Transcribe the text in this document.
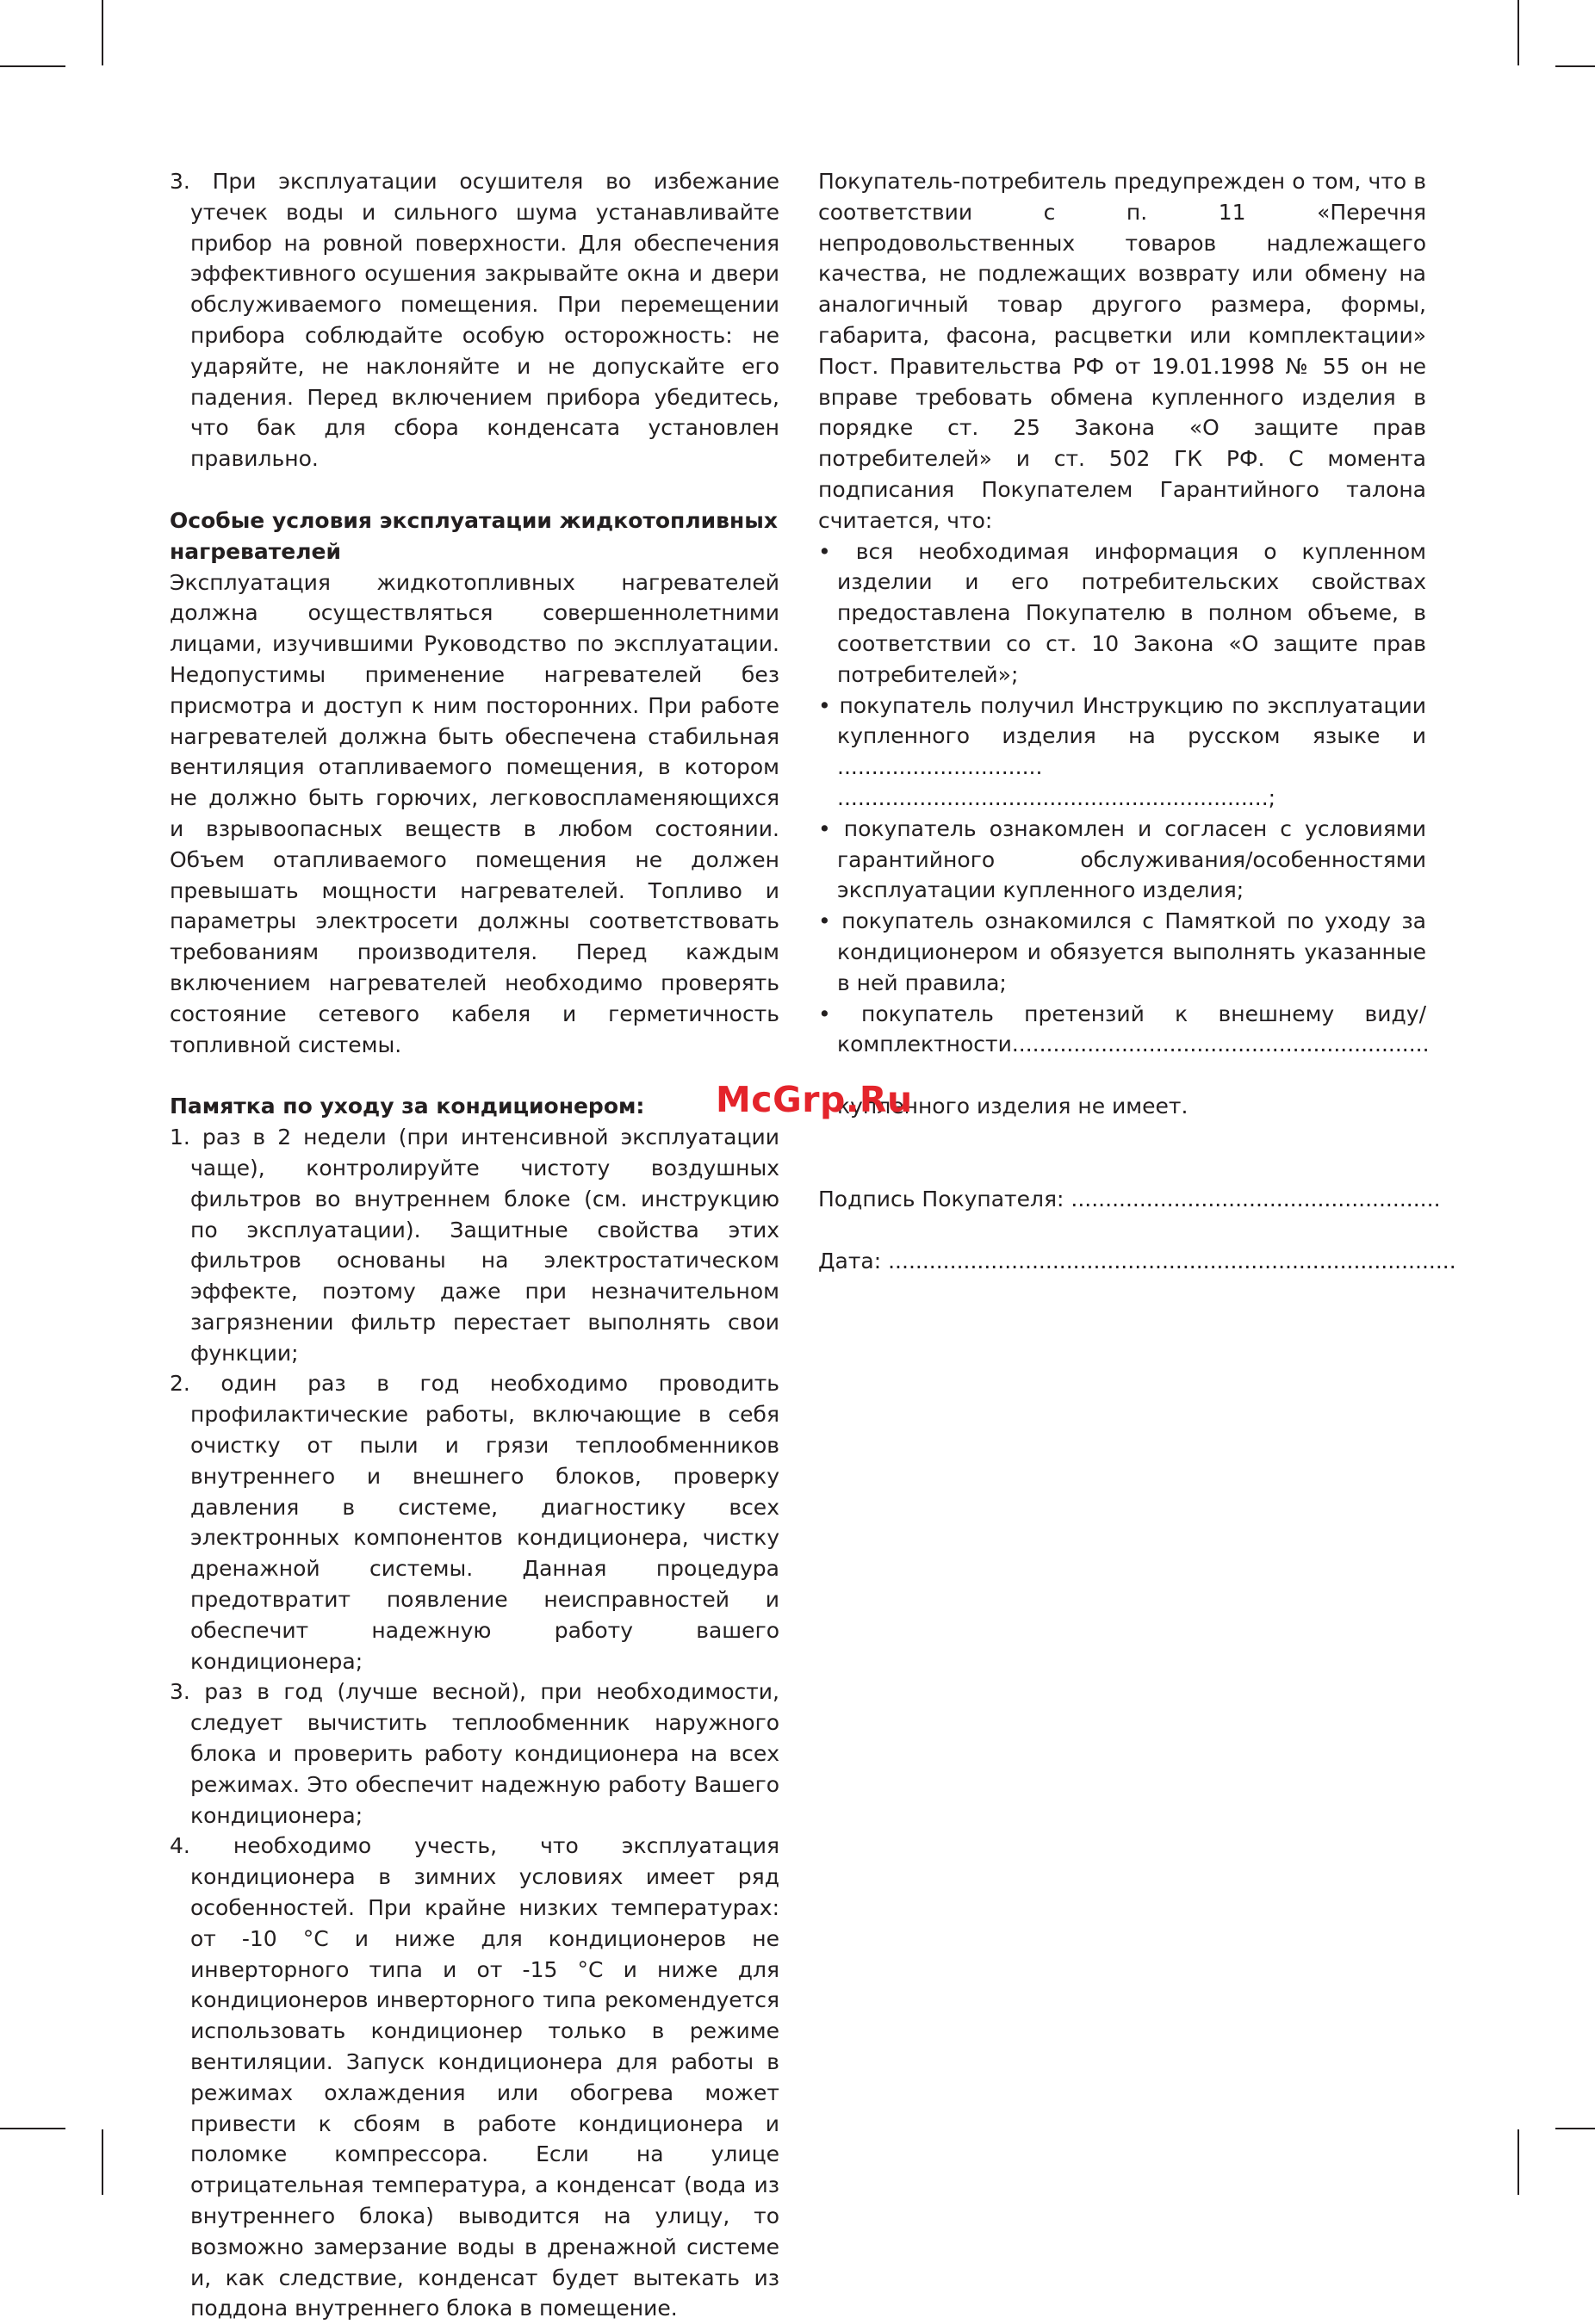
3. При эксплуатации осушителя во избежание утечек воды и сильного шума устанавливайте прибор на ровной поверхности. Для обеспечения эффективного осушения закрывайте окна и двери обслуживаемого помещения. При перемещении прибора соблюдайте особую осторожность: не ударяйте, не наклоняйте и не допускайте его падения. Перед включением прибора убедитесь, что бак для сбора конденсата установлен правильно.

Особые условия эксплуатации жидкотопливных нагревателей

Эксплуатация жидкотопливных нагревателей должна осуществляться совершеннолетними лицами, изучившими Руководство по эксплуатации. Недопустимы применение нагревателей без присмотра и доступ к ним посторонних. При работе нагревателей должна быть обеспечена стабильная вентиляция отапливаемого помещения, в котором не должно быть горючих, легковоспламеняющихся и взрывоопасных веществ в любом состоянии. Объем отапливаемого помещения не должен превышать мощности нагревателей. Топливо и параметры электросети должны соответствовать требованиям производителя. Перед каждым включением нагревателей необходимо проверять состояние сетевого кабеля и герметичность топливной системы.

Памятка по уходу за кондиционером:

1. раз в 2 недели (при интенсивной эксплуатации чаще), контролируйте чистоту воздушных фильтров во внутреннем блоке (см. инструкцию по эксплуатации). Защитные свойства этих фильтров основаны на электростатическом эффекте, поэтому даже при незначительном загрязнении фильтр перестает выполнять свои функции;

2. один раз в год необходимо проводить профилактические работы, включающие в себя очистку от пыли и грязи теплообменников внутреннего и внешнего блоков, проверку давления в системе, диагностику всех электронных компонентов кондиционера, чистку дренажной системы. Данная процедура предотвратит появление неисправностей и обеспечит надежную работу вашего кондиционера;

3. раз в год (лучше весной), при необходимости, следует вычистить теплообменник наружного блока и проверить работу кондиционера на всех режимах. Это обеспечит надежную работу Вашего кондиционера;

4. необходимо учесть, что эксплуатация кондиционера в зимних условиях имеет ряд особенностей. При крайне низких температурах: от -10 °С и ниже для кондиционеров не инверторного типа и от -15 °С и ниже для кондиционеров инверторного типа рекомендуется использовать кондиционер только в режиме вентиляции. Запуск кондиционера для работы в режимах охлаждения или обогрева может привести к сбоям в работе кондиционера и поломке компрессора. Если на улице отрицательная температура, а конденсат (вода из внутреннего блока) выводится на улицу, то возможно замерзание воды в дренажной системе и, как следствие, конденсат будет вытекать из поддона внутреннего блока в помещение.

Покупатель-потребитель предупрежден о том, что в соответствии с п. 11 «Перечня непродовольственных товаров надлежащего качества, не подлежащих возврату или обмену на аналогичный товар другого размера, формы, габарита, фасона, расцветки или комплектации» Пост. Правительства РФ от 19.01.1998 № 55 он не вправе требовать обмена купленного изделия в порядке ст. 25 Закона «О защите прав потребителей» и ст. 502 ГК РФ. С момента подписания Покупателем Гарантийного талона считается, что:

• вся необходимая информация о купленном изделии и его потребительских свойствах предоставлена Покупателю в полном объеме, в соответствии со ст. 10 Закона «О защите прав потребителей»;

• покупатель получил Инструкцию по эксплуатации купленного изделия на русском языке и .............................. ...............................................................;

• покупатель ознакомлен и согласен с условиями гарантийного обслуживания/особенностями эксплуатации купленного изделия;

• покупатель ознакомился с Памяткой по уходу за кондиционером и обязуется выполнять указанные в ней правила;

• покупатель претензий к внешнему виду/комплектности.............................................................

купленного изделия не имеет.

Подпись Покупателя: ......................................................

Дата: ...................................................................................

McGrp.Ru
